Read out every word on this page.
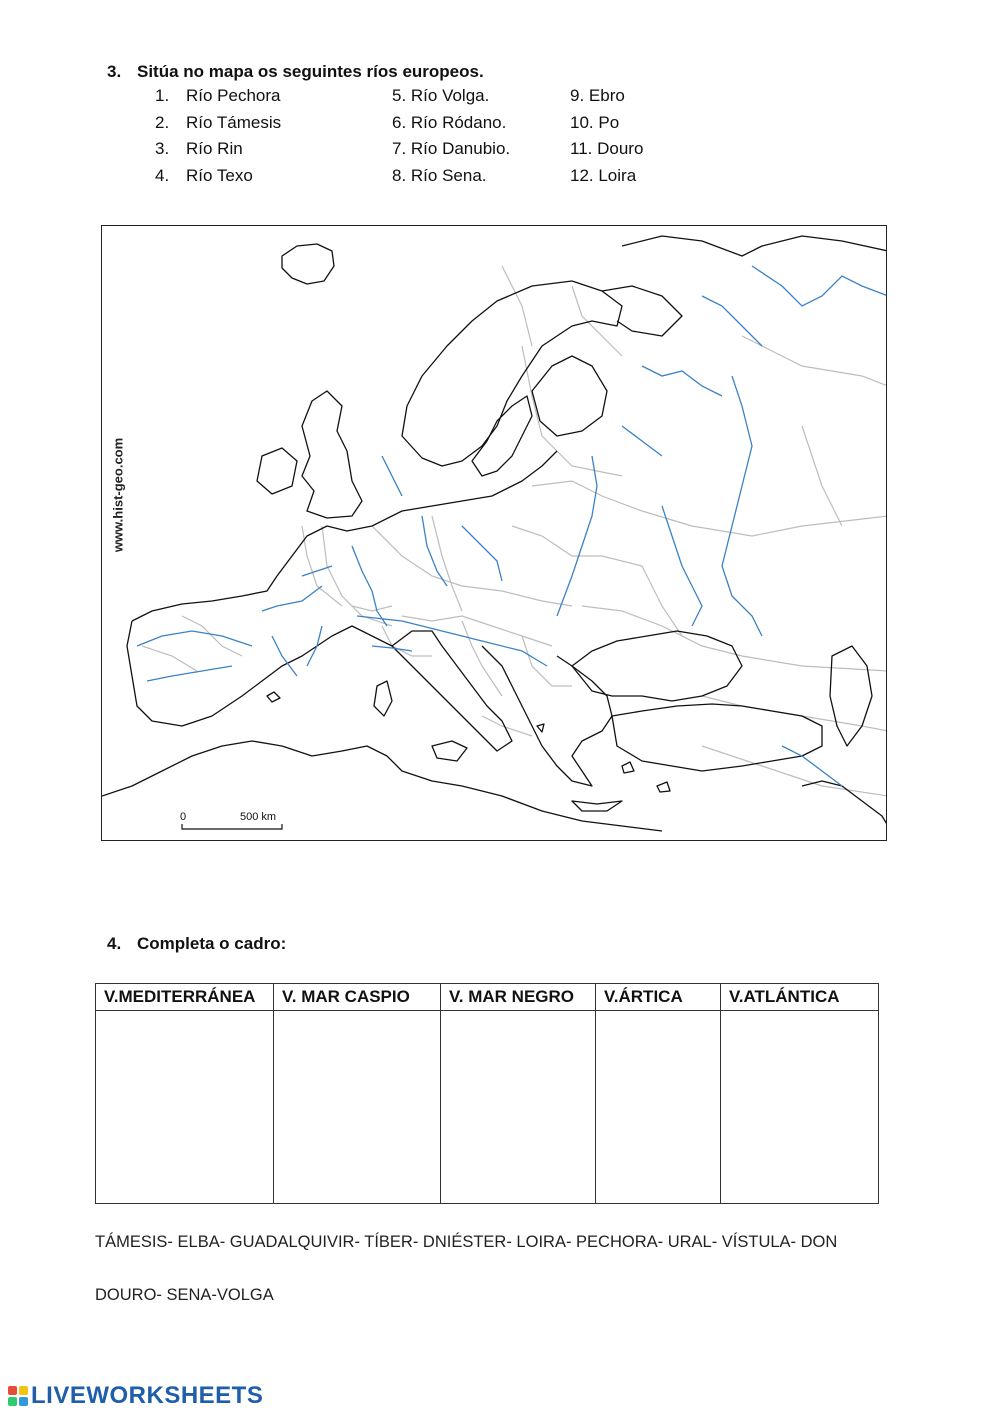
3. Sitúa no mapa os seguintes ríos europeos.
1. Río Pechora
2. Río Támesis
3. Río Rin
4. Río Texo
5. Río Volga.
6. Río Ródano.
7. Río Danubio.
8. Río Sena.
9. Ebro
10. Po
11. Douro
12. Loira
0	500 km
www.hist-geo.com
4. Completa o cadro:
V.MEDITERRÁNEA	V. MAR CASPIO	V. MAR NEGRO	V.ÁRTICA	V.ATLÁNTICA

TÁMESIS- ELBA- GUADALQUIVIR- TÍBER- DNIÉSTER- LOIRA- PECHORA- URAL- VÍSTULA- DON
DOURO- SENA-VOLGA
LIVEWORKSHEETS
